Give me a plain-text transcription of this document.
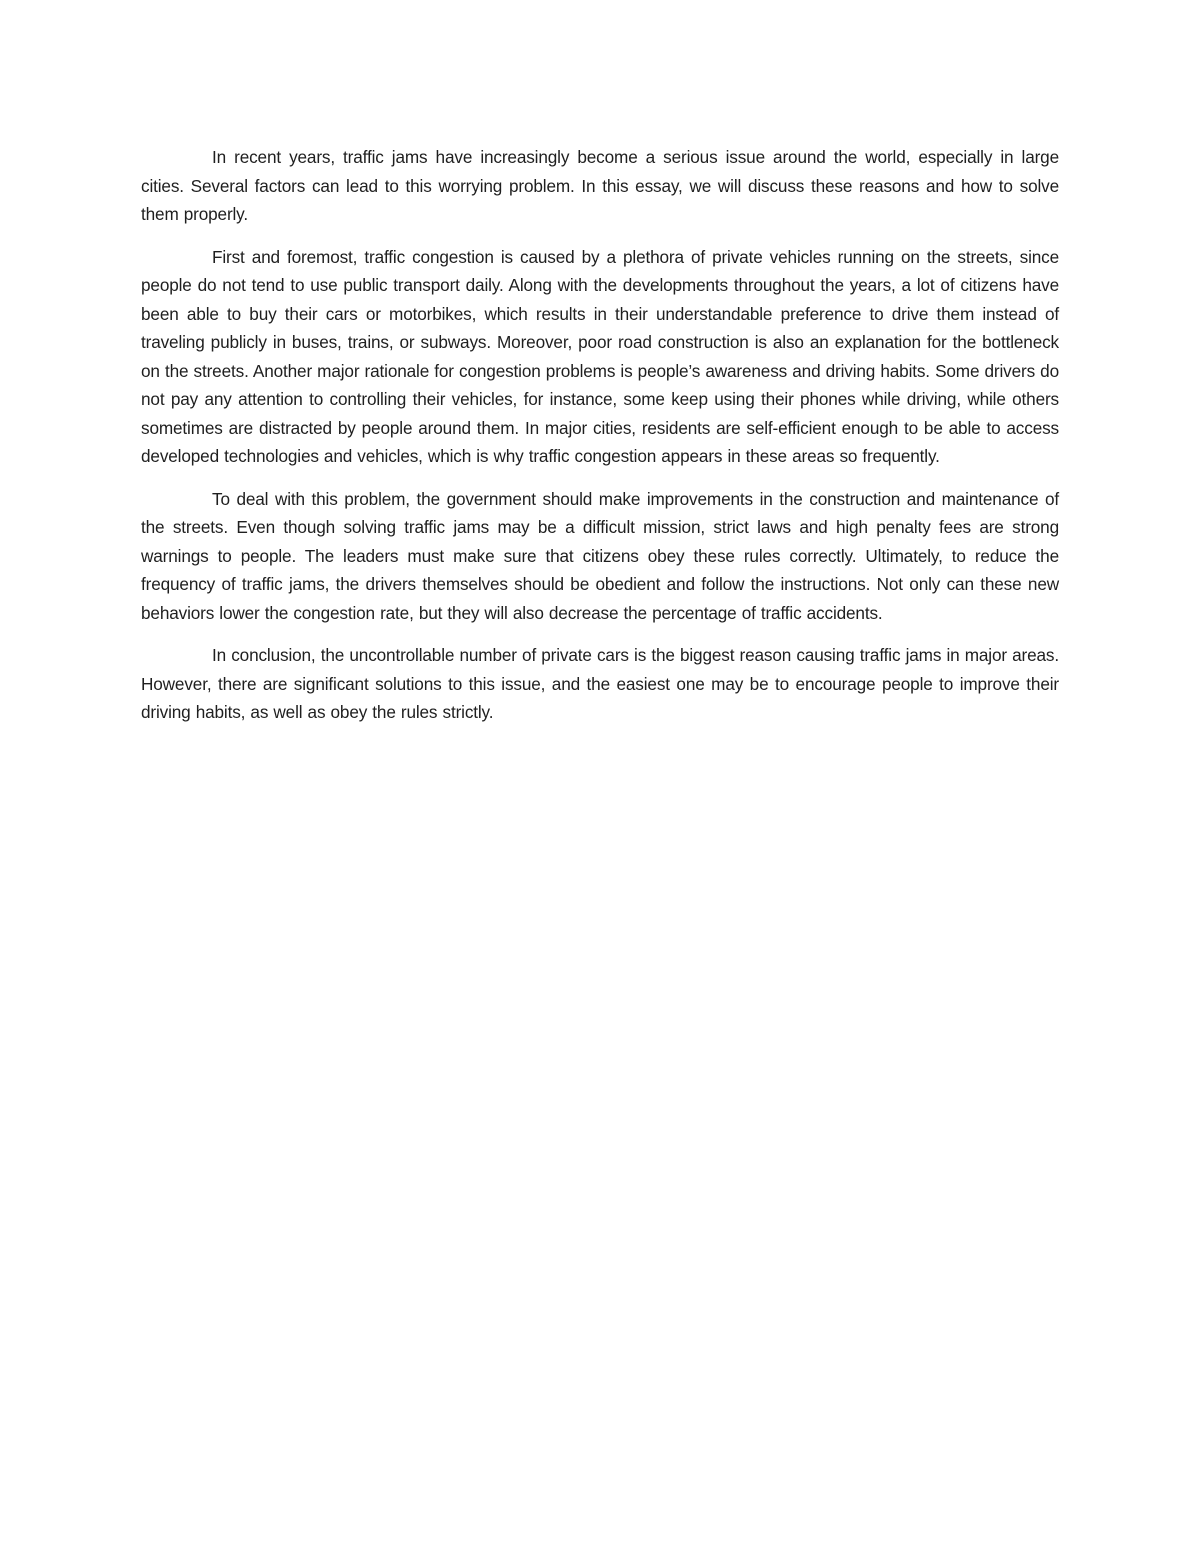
In recent years, traffic jams have increasingly become a serious issue around the world, especially in large cities. Several factors can lead to this worrying problem. In this essay, we will discuss these reasons and how to solve them properly.

First and foremost, traffic congestion is caused by a plethora of private vehicles running on the streets, since people do not tend to use public transport daily. Along with the developments throughout the years, a lot of citizens have been able to buy their cars or motorbikes, which results in their understandable preference to drive them instead of traveling publicly in buses, trains, or subways. Moreover, poor road construction is also an explanation for the bottleneck on the streets. Another major rationale for congestion problems is people’s awareness and driving habits. Some drivers do not pay any attention to controlling their vehicles, for instance, some keep using their phones while driving, while others sometimes are distracted by people around them. In major cities, residents are self-efficient enough to be able to access developed technologies and vehicles, which is why traffic congestion appears in these areas so frequently.

To deal with this problem, the government should make improvements in the construction and maintenance of the streets. Even though solving traffic jams may be a difficult mission, strict laws and high penalty fees are strong warnings to people. The leaders must make sure that citizens obey these rules correctly. Ultimately, to reduce the frequency of traffic jams, the drivers themselves should be obedient and follow the instructions. Not only can these new behaviors lower the congestion rate, but they will also decrease the percentage of traffic accidents.

In conclusion, the uncontrollable number of private cars is the biggest reason causing traffic jams in major areas. However, there are significant solutions to this issue, and the easiest one may be to encourage people to improve their driving habits, as well as obey the rules strictly.
